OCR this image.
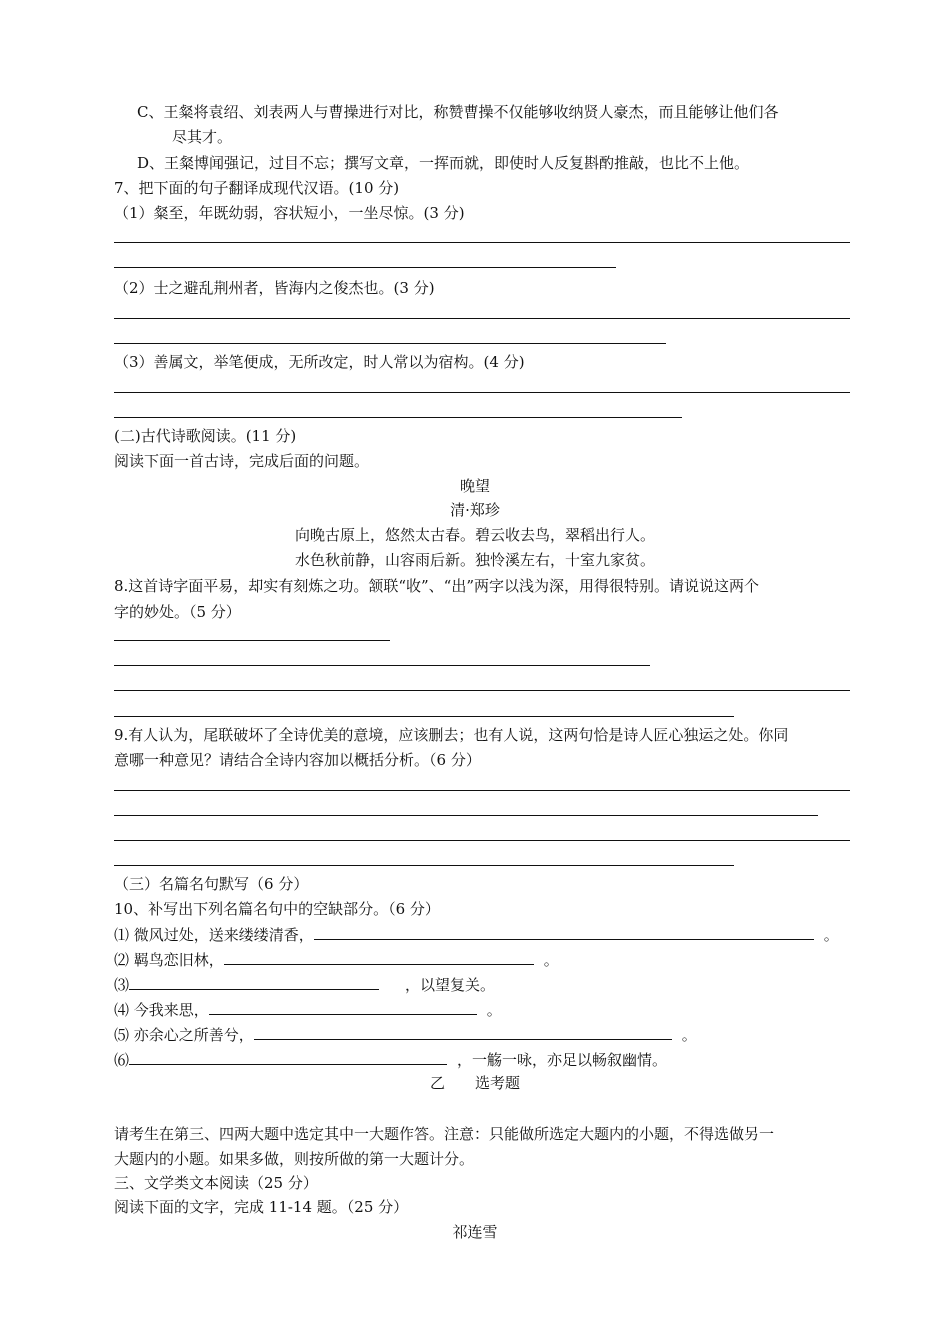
C、王粲将袁绍、刘表两人与曹操进行对比，称赞曹操不仅能够收纳贤人豪杰，而且能够让他们各
尽其才。
D、王粲博闻强记，过目不忘；撰写文章，一挥而就，即使时人反复斟酌推敲，也比不上他。
7、把下面的句子翻译成现代汉语。(10 分)
（1）粲至，年既幼弱，容状短小，一坐尽惊。(3 分)
（2）士之避乱荆州者，皆海内之俊杰也。(3 分)
（3）善属文，举笔便成，无所改定，时人常以为宿构。(4 分)
(二)古代诗歌阅读。(11 分)
阅读下面一首古诗，完成后面的问题。
晚望
清·郑珍
向晚古原上，悠然太古春。碧云收去鸟，翠稻出行人。
水色秋前静，山容雨后新。独怜溪左右，十室九家贫。
8.这首诗字面平易，却实有刻炼之功。颔联“收”、“出”两字以浅为深，用得很特别。请说说这两个
字的妙处。（5 分）
9.有人认为，尾联破坏了全诗优美的意境，应该删去；也有人说，这两句恰是诗人匠心独运之处。你同
意哪一种意见？请结合全诗内容加以概括分析。（6 分）
（三）名篇名句默写（6 分）
10、补写出下列名篇名句中的空缺部分。（6 分）
⑴ 微风过处，送来缕缕清香，	。
⑵ 羁鸟恋旧林，	。
⑶	，以望复关。
⑷ 今我来思，	。
⑸ 亦余心之所善兮，	。
⑹	，一觞一咏，亦足以畅叙幽情。
乙　　选考题
请考生在第三、四两大题中选定其中一大题作答。注意：只能做所选定大题内的小题，不得选做另一
大题内的小题。如果多做，则按所做的第一大题计分。
三、文学类文本阅读（25 分）
阅读下面的文字，完成 11-14 题。（25 分）
祁连雪
